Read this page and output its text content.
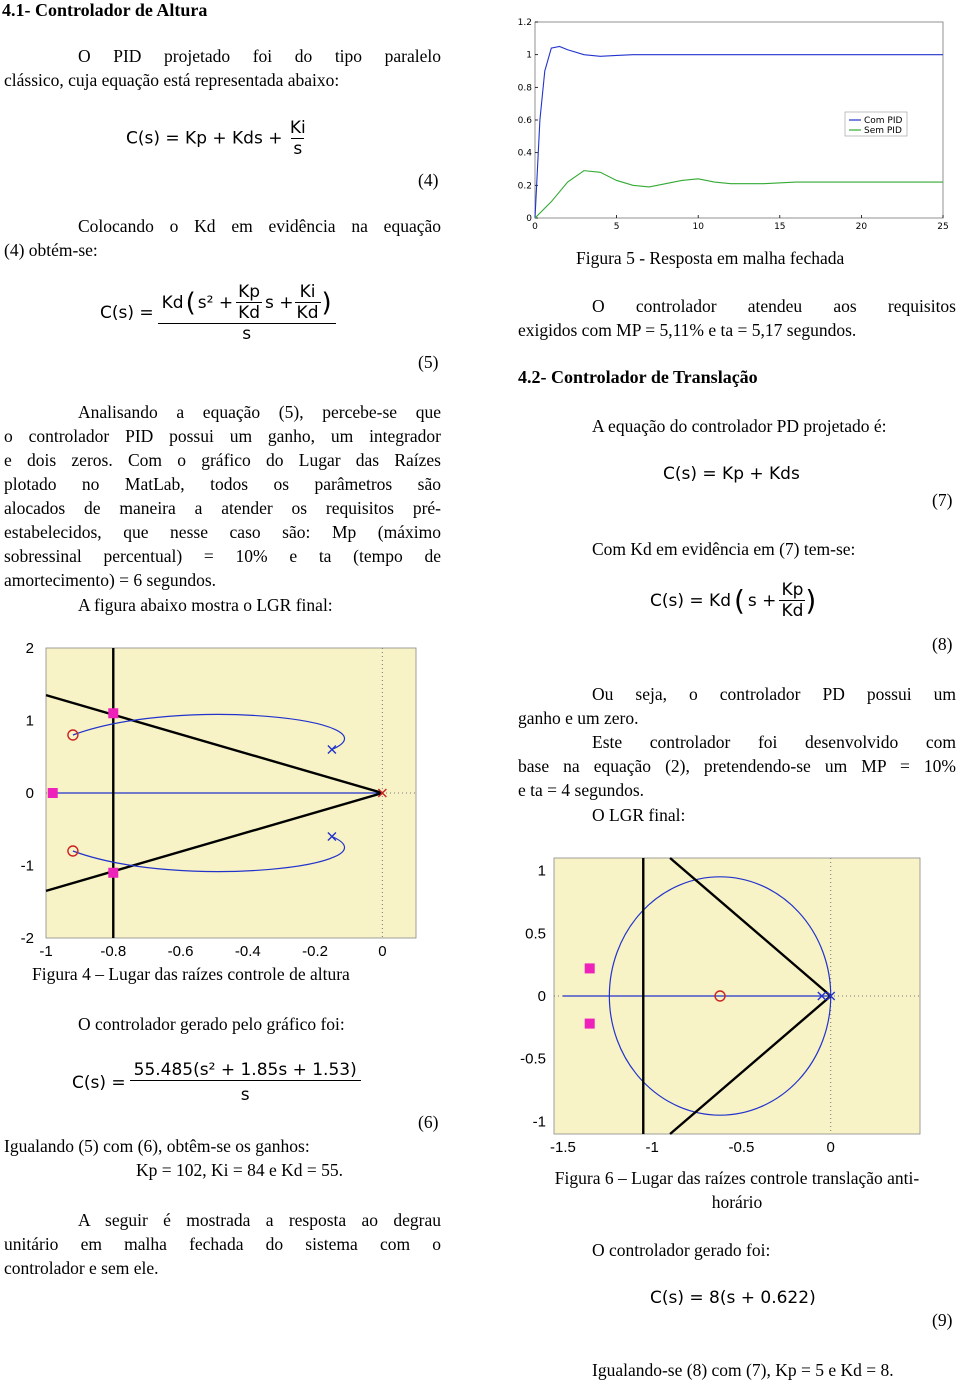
4.1- Controlador de Altura
O PID projetado foi do tipo paralelo
clássico, cuja equação está representada abaixo:
C(s) = Kp + Kds + $\frac{Ki}{s}$
(4)
Colocando o Kd em evidência na equação
(4) obtém-se:
C(s) =
Kd ( $s^2 + \frac{Kp}{Kd}$ $s + \frac{Ki}{Kd}$ )
s
(5)
Analisando a equação (5), percebe-se que
o controlador PID possui um ganho, um integrador
e dois zeros. Com o gráfico do Lugar das Raízes
plotado no MatLab, todos os parâmetros são
alocados de maneira a atender os requisitos pré-
estabelecidos, que nesse caso são: Mp (máximo
sobressinal percentual) = 10% e ta (tempo de
amortecimento) = 6 segundos.
A figura abaixo mostra o LGR final:
-1	-0.8	-0.6	-0.4	-0.2	0
2
1
0
-1
-2
Figura 4 – Lugar das raízes controle de altura
O controlador gerado pelo gráfico foi:
$C(s) = \frac{\text{55.485(s² + 1.85s + 1.53)}}{s}$
(6)
Igualando (5) com (6), obtêm-se os ganhos:
Kp = 102, Ki = 84 e Kd = 55.
A seguir é mostrada a resposta ao degrau
unitário em malha fechada do sistema com o
controlador e sem ele.
0	5	10	15	20	25
0
0.2
0.4
0.6
0.8
1
1.2
Com PID
Sem PID
Figura 5 - Resposta em malha fechada
O controlador atendeu aos requisitos
exigidos com MP = 5,11% e ta = 5,17 segundos.
4.2- Controlador de Translação
A equação do controlador PD projetado é:
C(s) = Kp + Kds
(7)
Com Kd em evidência em (7) tem-se:
C(s) = Kd ( $s + \frac{Kp}{Kd}$ )
(8)
Ou seja, o controlador PD possui um
ganho e um zero.
Este controlador foi desenvolvido com
base na equação (2), pretendendo-se um MP = 10%
e ta = 4 segundos.
O LGR final:
-1.5	-1	-0.5	0
1
0.5
0
-0.5
-1
Figura 6 – Lugar das raízes controle translação anti-
horário
O controlador gerado foi:
C(s) = 8(s + 0.622)
(9)
Igualando-se (8) com (7), Kp = 5 e Kd = 8.
